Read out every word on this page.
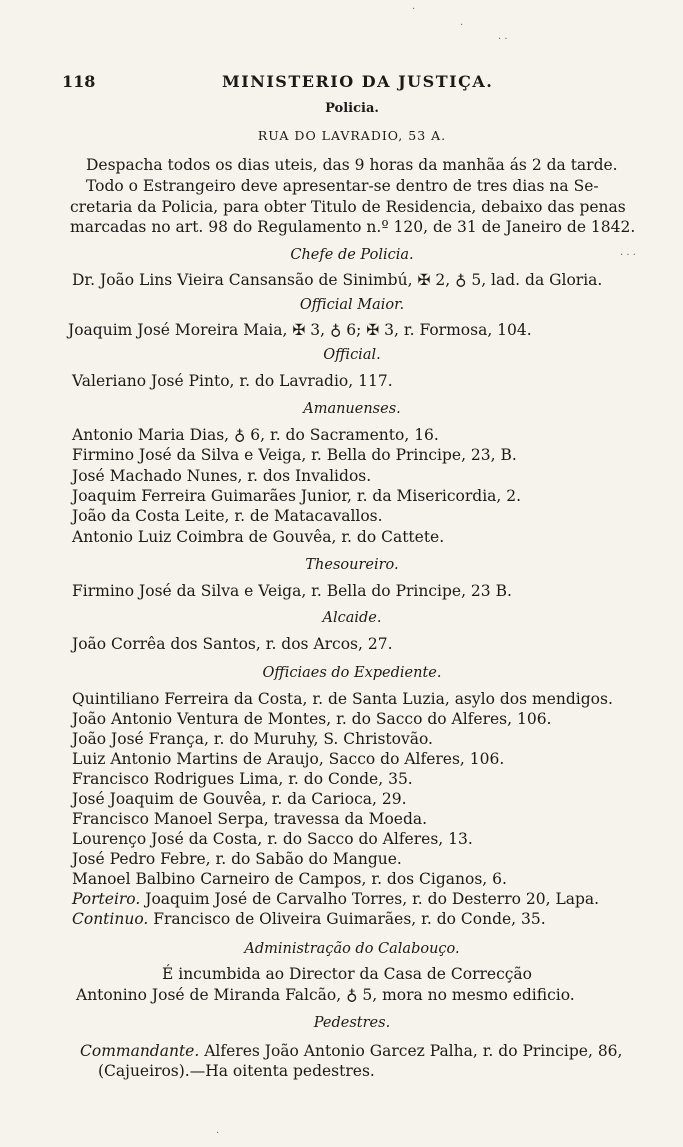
118	MINISTERIO DA JUSTIÇA.
Policia.
RUA DO LAVRADIO, 53 A.
Despacha todos os dias uteis, das 9 horas da manhãa ás 2 da tarde.
Todo o Estrangeiro deve apresentar-se dentro de tres dias na Se-
cretaria da Policia, para obter Titulo de Residencia, debaixo das penas
marcadas no art. 98 do Regulamento n.º 120, de 31 de Janeiro de 1842.
Chefe de Policia.
Dr. João Lins Vieira Cansansão de Sinimbú, ✠ 2, ♁ 5, lad. da Gloria.
Official Maior.
Joaquim José Moreira Maia, ✠ 3, ♁ 6; ✠ 3, r. Formosa, 104.
Official.
Valeriano José Pinto, r. do Lavradio, 117.
Amanuenses.
Antonio Maria Dias, ♁ 6, r. do Sacramento, 16.
Firmino José da Silva e Veiga, r. Bella do Principe, 23, B.
José Machado Nunes, r. dos Invalidos.
Joaquim Ferreira Guimarães Junior, r. da Misericordia, 2.
João da Costa Leite, r. de Matacavallos.
Antonio Luiz Coimbra de Gouvêa, r. do Cattete.
Thesoureiro.
Firmino José da Silva e Veiga, r. Bella do Principe, 23 B.
Alcaide.
João Corrêa dos Santos, r. dos Arcos, 27.
Officiaes do Expediente.
Quintiliano Ferreira da Costa, r. de Santa Luzia, asylo dos mendigos.
João Antonio Ventura de Montes, r. do Sacco do Alferes, 106.
João José França, r. do Muruhy, S. Christovão.
Luiz Antonio Martins de Araujo, Sacco do Alferes, 106.
Francisco Rodrigues Lima, r. do Conde, 35.
José Joaquim de Gouvêa, r. da Carioca, 29.
Francisco Manoel Serpa, travessa da Moeda.
Lourenço José da Costa, r. do Sacco do Alferes, 13.
José Pedro Febre, r. do Sabão do Mangue.
Manoel Balbino Carneiro de Campos, r. dos Ciganos, 6.
Porteiro. Joaquim José de Carvalho Torres, r. do Desterro 20, Lapa.
Continuo. Francisco de Oliveira Guimarães, r. do Conde, 35.
Administração do Calabouço.
É incumbida ao Director da Casa de Correcção
Antonino José de Miranda Falcão, ♁ 5, mora no mesmo edificio.
Pedestres.
Commandante. Alferes João Antonio Garcez Palha, r. do Principe, 86,
(Cajueiros).—Ha oitenta pedestres.
·
·
· ·
· · ·
·
